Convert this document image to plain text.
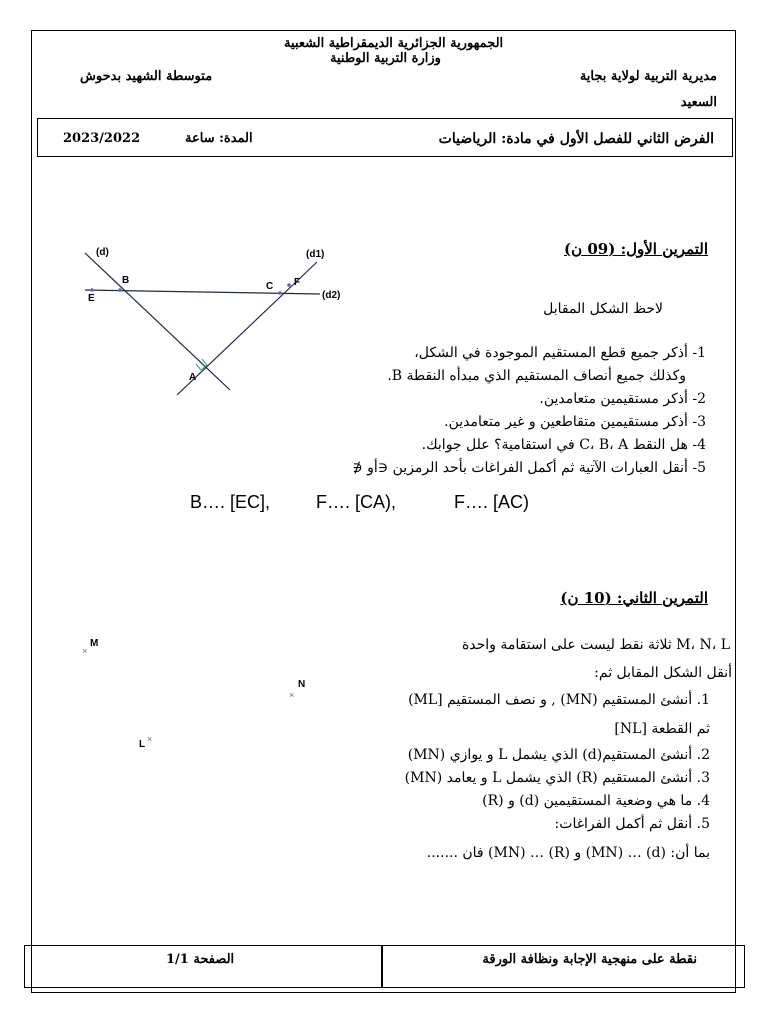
الجمهورية الجزائرية الديمقراطية الشعبية
وزارة التربية الوطنية
مديرية التربية لولاية بجاية
متوسطة الشهيد بدحوش
السعيد
الفرض الثاني للفصل الأول في مادة: الرياضيات
المدة: ساعة
2023/2022
التمرين الأول: (09 ن)
لاحظ الشكل المقابل
1- أذكر جميع قطع المستقيم الموجودة في الشكل،
وكذلك جميع أنصاف المستقيم الذي مبدأه النقطة B.
2- أذكر مستقيمين متعامدين.
3- أذكر مستقيمين متقاطعين و غير متعامدين.
4- هل النقط C، B، A في استقامية؟ علل جوابك.
5- أنقل العبارات الآتية ثم أكمل الفراغات بأحد الرمزين ∈أو ∉
B…. [EC],	F…. [CA),	F…. [AC)
(d)	(d1)
(d2)
B
C F
E
A
التمرين الثاني: (10 ن)
M، N، L ثلاثة نقط ليست على استقامة واحدة
أنقل الشكل المقابل ثم:
1. أنشئ المستقيم (MN) , و نصف المستقيم [ML)
ثم القطعة [NL]
2. أنشئ المستقيم(d) الذي يشمل L و يوازي (MN)
3. أنشئ المستقيم (R) الذي يشمل L و يعامد (MN)
4. ما هي وضعية المستقيمين (d) و (R)
5. أنقل ثم أكمل الفراغات:
بما أن: (d) … (MN) و (R) … (MN) فان .......
×
M
×
N
×
L
الصفحة 1/1	نقطة على منهجية الإجابة ونظافة الورقة
